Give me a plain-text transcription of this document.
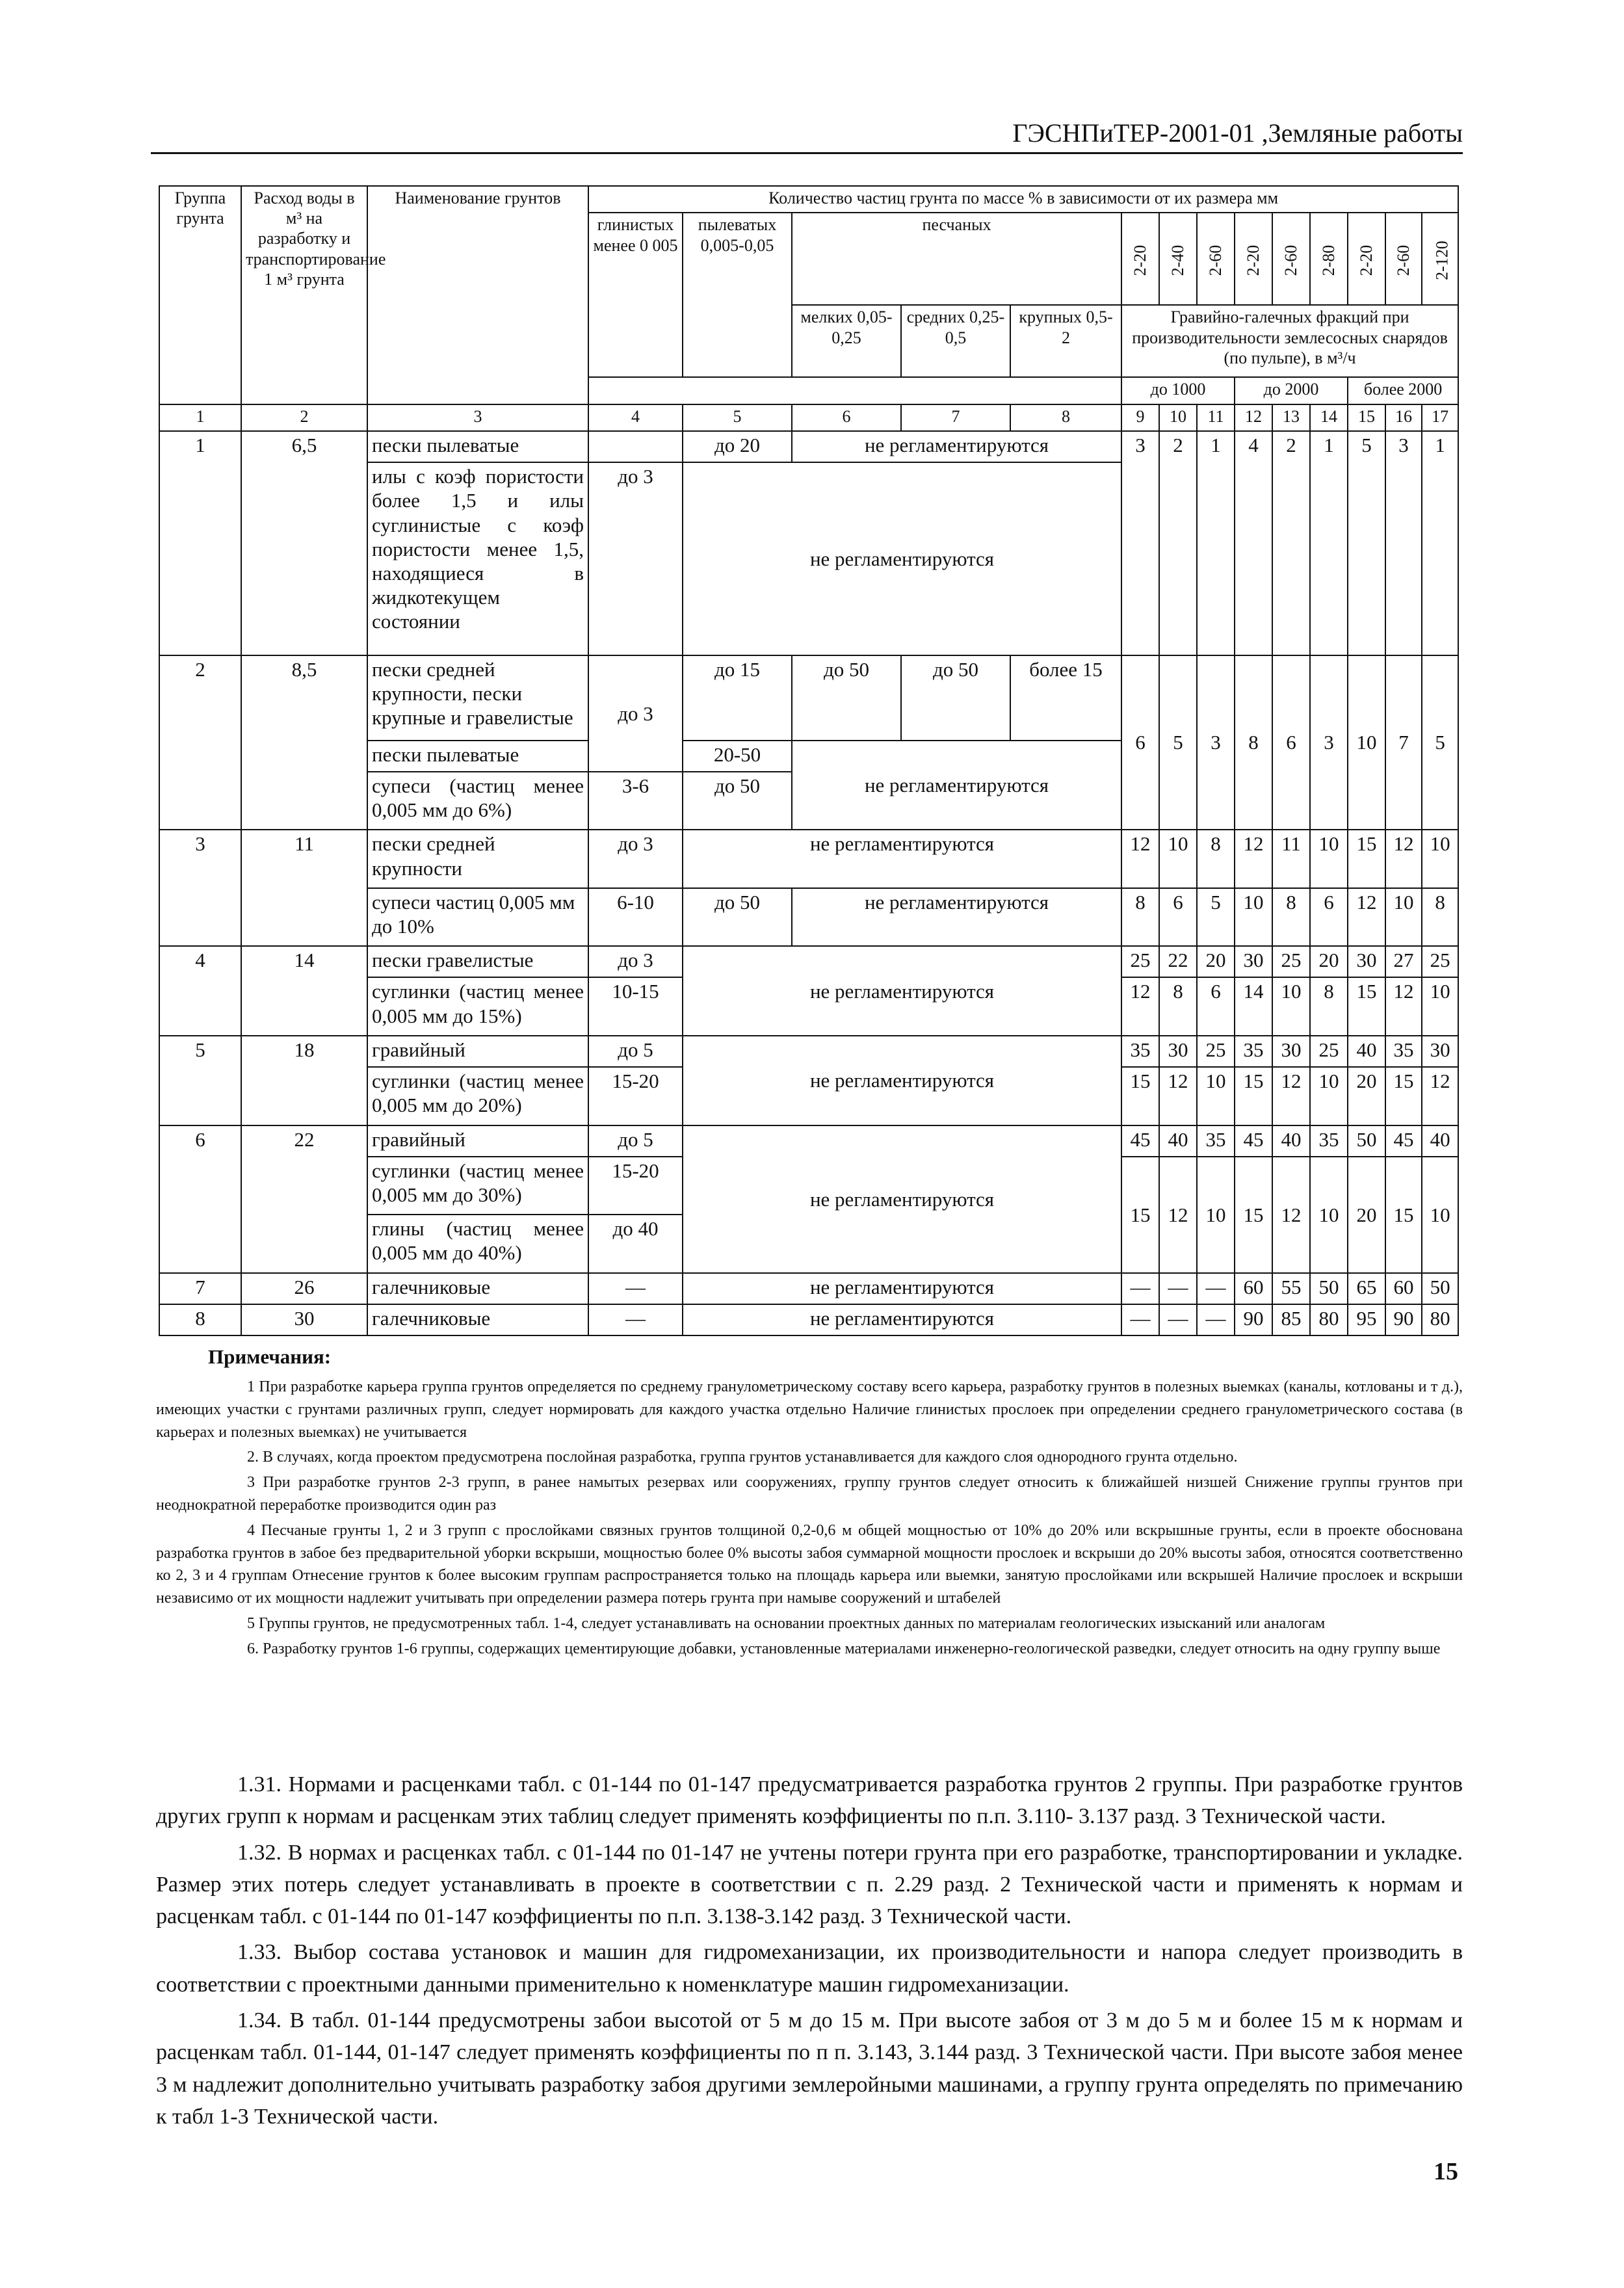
ГЭСНПиТЕР-2001-01 ,Земляные работы
Группа грунта	Расход воды в м³ на разработку и транспортирование 1 м³ грунта	Наименование грунтов	Количество частиц грунта по массе % в зависимости от их размера мм													
			глинистых менее 0 005	пылеватых 0,005-0,05	песчаных			2-20	2-40	2-60	2-20	2-60	2-80	2-20	2-60	2-120
					мелких 0,05-0,25	средних 0,25-0,5	крупных 0,5-2	Гравийно-галечных фракций при производительности землесосных снарядов (по пульпе), в м³/ч								
								до 1000			до 2000			более 2000		
1	2	3	4	5	6	7	8	9	10	11	12	13	14	15	16	17
1	6,5	пески пылеватые		до 20	не регламентируются			3	2	1	4	2	1	5	3	1
		илы с коэф пористости более 1,5 и илы суглинистые с коэф пористости менее 1,5, находящиеся в жидкотекущем состоянии	до 3	не регламентируются												
2	8,5	пески средней крупности, пески крупные и гравелистые	до 3	до 15	до 50	до 50	более 15	6	5	3	8	6	3	10	7	5
		пески пылеватые		20-50	не регламентируются											
		супеси (частиц менее 0,005 мм до 6%)	3-6	до 50												
3	11	пески средней крупности	до 3	не регламентируются				12	10	8	12	11	10	15	12	10
		супеси частиц 0,005 мм до 10%	6-10	до 50	не регламентируются			8	6	5	10	8	6	12	10	8
4	14	пески гравелистые	до 3	не регламентируются				25	22	20	30	25	20	30	27	25
		суглинки (частиц менее 0,005 мм до 15%)	10-15					12	8	6	14	10	8	15	12	10
5	18	гравийный	до 5	не регламентируются				35	30	25	35	30	25	40	35	30
		суглинки (частиц менее 0,005 мм до 20%)	15-20					15	12	10	15	12	10	20	15	12
6	22	гравийный	до 5	не регламентируются				45	40	35	45	40	35	50	45	40
		суглинки (частиц менее 0,005 мм до 30%)	15-20					15	12	10	15	12	10	20	15	10
		глины (частиц менее 0,005 мм до 40%)	до 40													
7	26	галечниковые	—	не регламентируются				—	—	—	60	55	50	65	60	50
8	30	галечниковые	—	не регламентируются				—	—	—	90	85	80	95	90	80
Примечания:

1 При разработке карьера группа грунтов определяется по среднему гранулометрическому составу всего карьера, разработку грунтов в полезных выемках (каналы, котлованы и т д.), имеющих участки с грунтами различных групп, следует нормировать для каждого участка отдельно Наличие глинистых прослоек при определении среднего гранулометрического состава (в карьерах и полезных выемках) не учитывается

2. В случаях, когда проектом предусмотрена послойная разработка, группа грунтов устанавливается для каждого слоя однородного грунта отдельно.

3 При разработке грунтов 2-3 групп, в ранее намытых резервах или сооружениях, группу грунтов следует относить к ближайшей низшей Снижение группы грунтов при неоднократной переработке производится один раз

4 Песчаные грунты 1, 2 и 3 групп с прослойками связных грунтов толщиной 0,2-0,6 м общей мощностью от 10% до 20% или вскрышные грунты, если в проекте обоснована разработка грунтов в забое без предварительной уборки вскрыши, мощностью более 0% высоты забоя суммарной мощности прослоек и вскрыши до 20% высоты забоя, относятся соответственно ко 2, 3 и 4 группам Отнесение грунтов к более высоким группам распространяется только на площадь карьера или выемки, занятую прослойками или вскрышей Наличие прослоек и вскрыши независимо от их мощности надлежит учитывать при определении размера потерь грунта при намыве сооружений и штабелей

5 Группы грунтов, не предусмотренных табл. 1-4, следует устанавливать на основании проектных данных по материалам геологических изысканий или аналогам

6. Разработку грунтов 1-6 группы, содержащих цементирующие добавки, установленные материалами инженерно-геологической разведки, следует относить на одну группу выше

1.31. Нормами и расценками табл. с 01-144 по 01-147 предусматривается разработка грунтов 2 группы. При разработке грунтов других групп к нормам и расценкам этих таблиц следует применять коэффициенты по п.п. 3.110- 3.137 разд. 3 Технической части.

1.32. В нормах и расценках табл. с 01-144 по 01-147 не учтены потери грунта при его разработке, транспортировании и укладке. Размер этих потерь следует устанавливать в проекте в соответствии с п. 2.29 разд. 2 Технической части и применять к нормам и расценкам табл. с 01-144 по 01-147 коэффициенты по п.п. 3.138-3.142 разд. 3 Технической части.

1.33. Выбор состава установок и машин для гидромеханизации, их производительности и напора следует производить в соответствии с проектными данными применительно к номенклатуре машин гидромеханизации.

1.34. В табл. 01-144 предусмотрены забои высотой от 5 м до 15 м. При высоте забоя от 3 м до 5 м и более 15 м к нормам и расценкам табл. 01-144, 01-147 следует применять коэффициенты по п п. 3.143, 3.144 разд. 3 Технической части. При высоте забоя менее 3 м надлежит дополнительно учитывать разработку забоя другими землеройными машинами, а группу грунта определять по примечанию к табл 1-3 Технической части.

15
